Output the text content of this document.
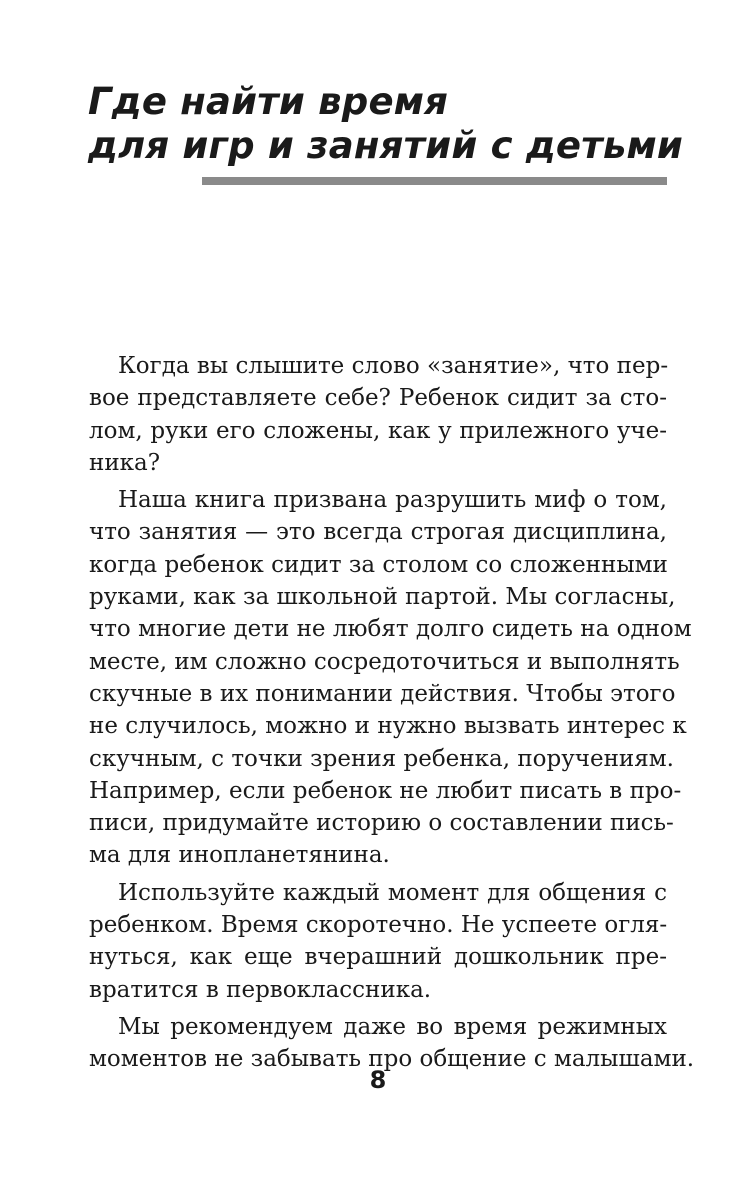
Где найти время
для игр и занятий с детьми
Когда вы слышите слово «занятие», что пер-
вое представляете себе? Ребенок сидит за сто-
лом, руки его сложены, как у прилежного уче-
ника?
Наша книга призвана разрушить миф о том,
что занятия — это всегда строгая дисциплина,
когда ребенок сидит за столом со сложенными
руками, как за школьной партой. Мы согласны,
что многие дети не любят долго сидеть на одном
месте, им сложно сосредоточиться и выполнять
скучные в их понимании действия. Чтобы этого
не случилось, можно и нужно вызвать интерес к
скучным, с точки зрения ребенка, поручениям.
Например, если ребенок не любит писать в про-
писи, придумайте историю о составлении пись-
ма для инопланетянина.
Используйте каждый момент для общения с
ребенком. Время скоротечно. Не успеете огля-
нуться, как еще вчерашний дошкольник пре-
вратится в первоклассника.
Мы рекомендуем даже во время режимных
моментов не забывать про общение с малышами.
8
